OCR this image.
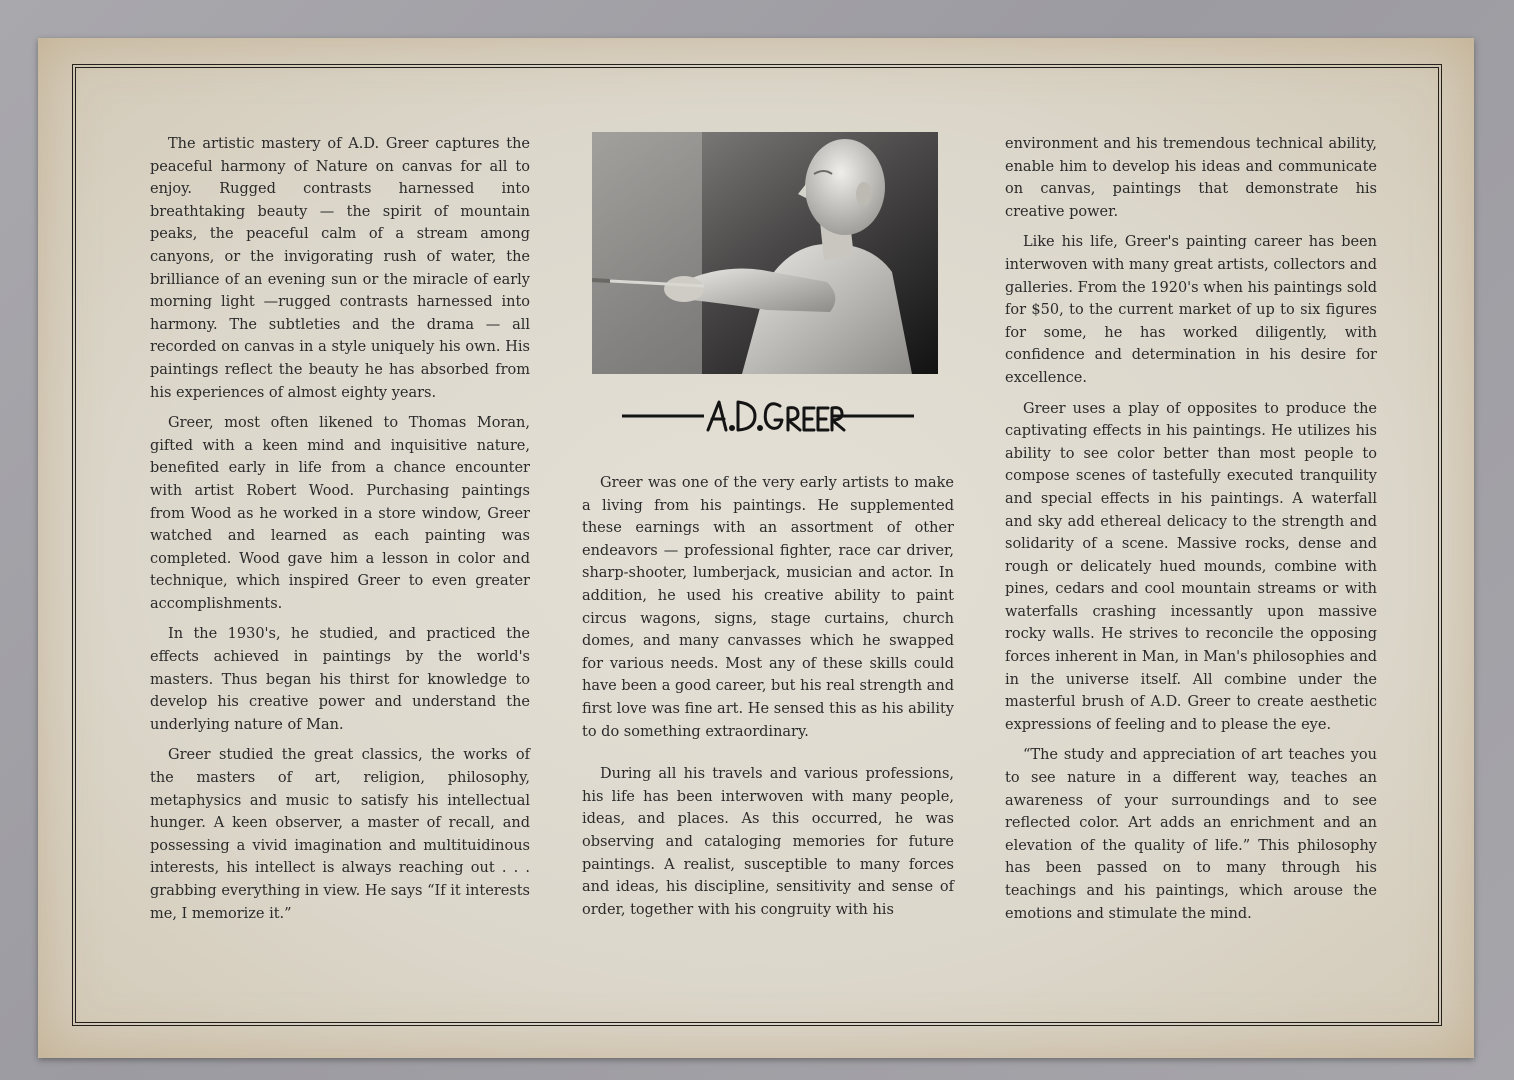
The artistic mastery of A.D. Greer captures the peaceful harmony of Nature on canvas for all to enjoy. Rugged contrasts harnessed into breathtaking beauty — the spirit of mountain peaks, the peaceful calm of a stream among canyons, or the invigorating rush of water, the brilliance of an evening sun or the miracle of early morning light —rugged contrasts harnessed into harmony. The subtleties and the drama — all recorded on canvas in a style uniquely his own. His paintings reflect the beauty he has absorbed from his experiences of almost eighty years.

Greer, most often likened to Thomas Moran, gifted with a keen mind and inquisitive nature, benefited early in life from a chance encounter with artist Robert Wood. Purchasing paintings from Wood as he worked in a store window, Greer watched and learned as each painting was completed. Wood gave him a lesson in color and technique, which inspired Greer to even greater accomplishments.

In the 1930's, he studied, and practiced the effects achieved in paintings by the world's masters. Thus began his thirst for knowledge to develop his creative power and understand the underlying nature of Man.

Greer studied the great classics, the works of the masters of art, religion, philosophy, metaphysics and music to satisfy his intellectual hunger. A keen observer, a master of recall, and possessing a vivid imagination and multituidinous interests, his intellect is always reaching out . . . grabbing everything in view. He says “If it interests me, I memorize it.”

Greer was one of the very early artists to make a living from his paintings. He supplemented these earnings with an assortment of other endeavors — professional fighter, race car driver, sharp-shooter, lumberjack, musician and actor. In addition, he used his creative ability to paint circus wagons, signs, stage curtains, church domes, and many canvasses which he swapped for various needs. Most any of these skills could have been a good career, but his real strength and first love was fine art. He sensed this as his ability to do something extraordinary.

During all his travels and various professions, his life has been interwoven with many people, ideas, and places. As this occurred, he was observing and cataloging memories for future paintings. A realist, susceptible to many forces and ideas, his discipline, sensitivity and sense of order, together with his congruity with his

environment and his tremendous technical ability, enable him to develop his ideas and communicate on canvas, paintings that demonstrate his creative power.

Like his life, Greer's painting career has been interwoven with many great artists, collectors and galleries. From the 1920's when his paintings sold for $50, to the current market of up to six figures for some, he has worked diligently, with confidence and determination in his desire for excellence.

Greer uses a play of opposites to produce the captivating effects in his paintings. He utilizes his ability to see color better than most people to compose scenes of tastefully executed tranquility and special effects in his paintings. A waterfall and sky add ethereal delicacy to the strength and solidarity of a scene. Massive rocks, dense and rough or delicately hued mounds, combine with pines, cedars and cool mountain streams or with waterfalls crashing incessantly upon massive rocky walls. He strives to reconcile the opposing forces inherent in Man, in Man's philosophies and in the universe itself. All combine under the masterful brush of A.D. Greer to create aesthetic expressions of feeling and to please the eye.

“The study and appreciation of art teaches you to see nature in a different way, teaches an awareness of your surroundings and to see reflected color. Art adds an enrichment and an elevation of the quality of life.” This philosophy has been passed on to many through his teachings and his paintings, which arouse the emotions and stimulate the mind.
